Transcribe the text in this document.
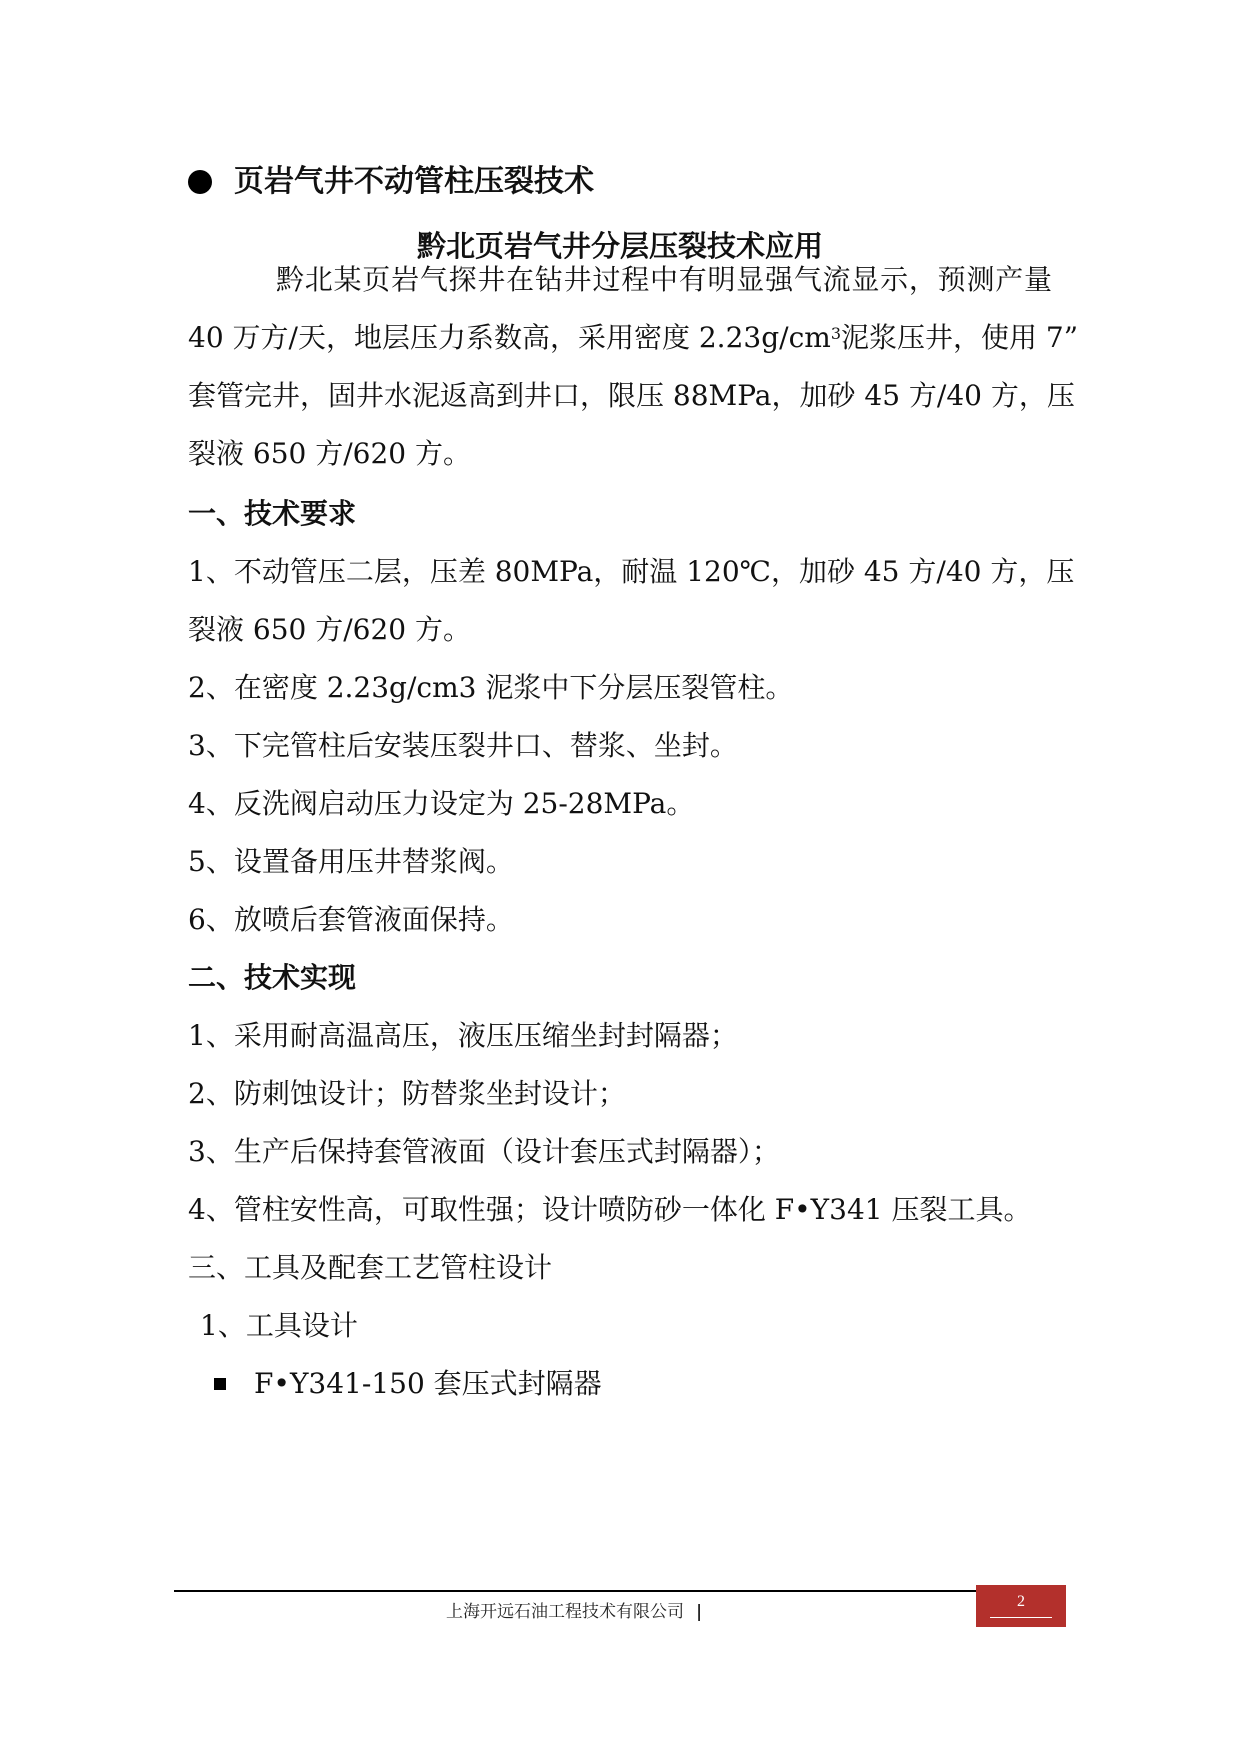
页岩气井不动管柱压裂技术
黔北页岩气井分层压裂技术应用
黔北某页岩气探井在钻井过程中有明显强气流显示，预测产量
40 万方/天，地层压力系数高，采用密度 $2.23g/cm^3$泥浆压井，使用 7”
套管完井，固井水泥返高到井口，限压 88MPa，加砂 45 方/40 方，压
裂液 650 方/620 方。
一、技术要求
1、不动管压二层，压差 80MPa，耐温 120℃，加砂 45 方/40 方，压
裂液 650 方/620 方。
2、在密度 2.23g/cm3 泥浆中下分层压裂管柱。
3、下完管柱后安装压裂井口、替浆、坐封。
4、反洗阀启动压力设定为 25-28MPa。
5、设置备用压井替浆阀。
6、放喷后套管液面保持。
二、技术实现
1、采用耐高温高压，液压压缩坐封封隔器；
2、防刺蚀设计；防替浆坐封设计；
3、生产后保持套管液面（设计套压式封隔器）；
4、管柱安性高，可取性强；设计喷防砂一体化 F•Y341 压裂工具。
三、工具及配套工艺管柱设计
1、工具设计
F•Y341-150 套压式封隔器
上海开远石油工程技术有限公司 |
2
